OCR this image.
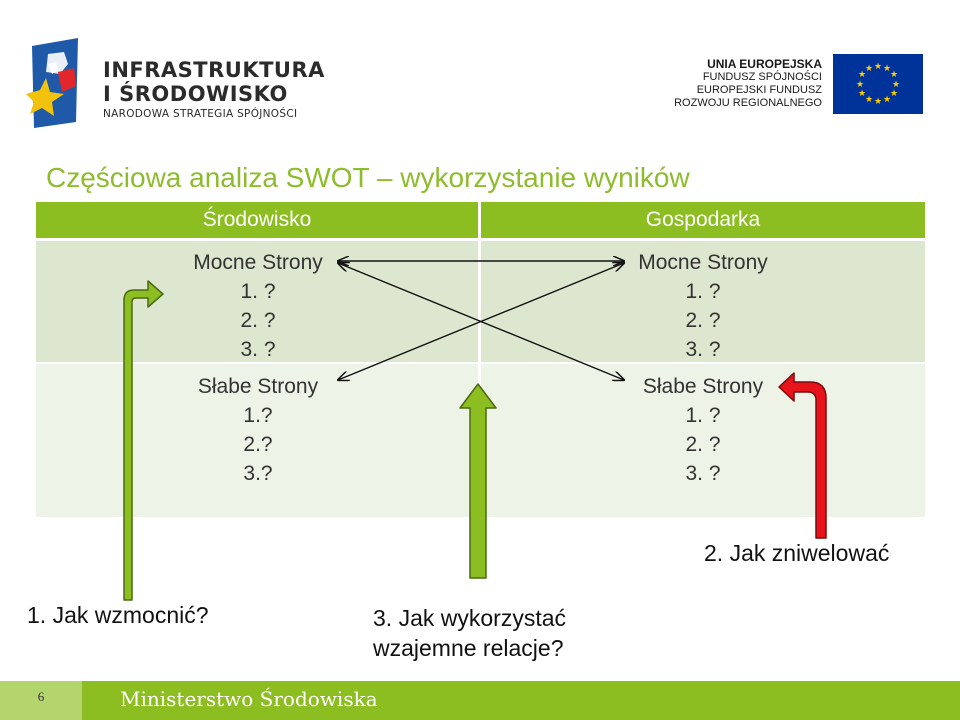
INFRASTRUKTURA
I ŚRODOWISKO
NARODOWA STRATEGIA SPÓJNOŚCI
UNIA EUROPEJSKA
FUNDUSZ SPÓJNOŚCI
EUROPEJSKI FUNDUSZ
ROZWOJU REGIONALNEGO
★ ★
★
★
★
★
★
★
★
★
★
★
Częściowa analiza SWOT – wykorzystanie wyników
Środowisko	Gospodarka
Mocne Strony
1. ?
2. ?
3. ?
Mocne Strony
1. ?
2. ?
3. ?
Słabe Strony
1.?
2.?
3.?
Słabe Strony
1. ?
2. ?
3. ?
1. Jak wzmocnić?
2. Jak zniwelować
3. Jak wykorzystać
wzajemne relacje?
6	Ministerstwo Środowiska
